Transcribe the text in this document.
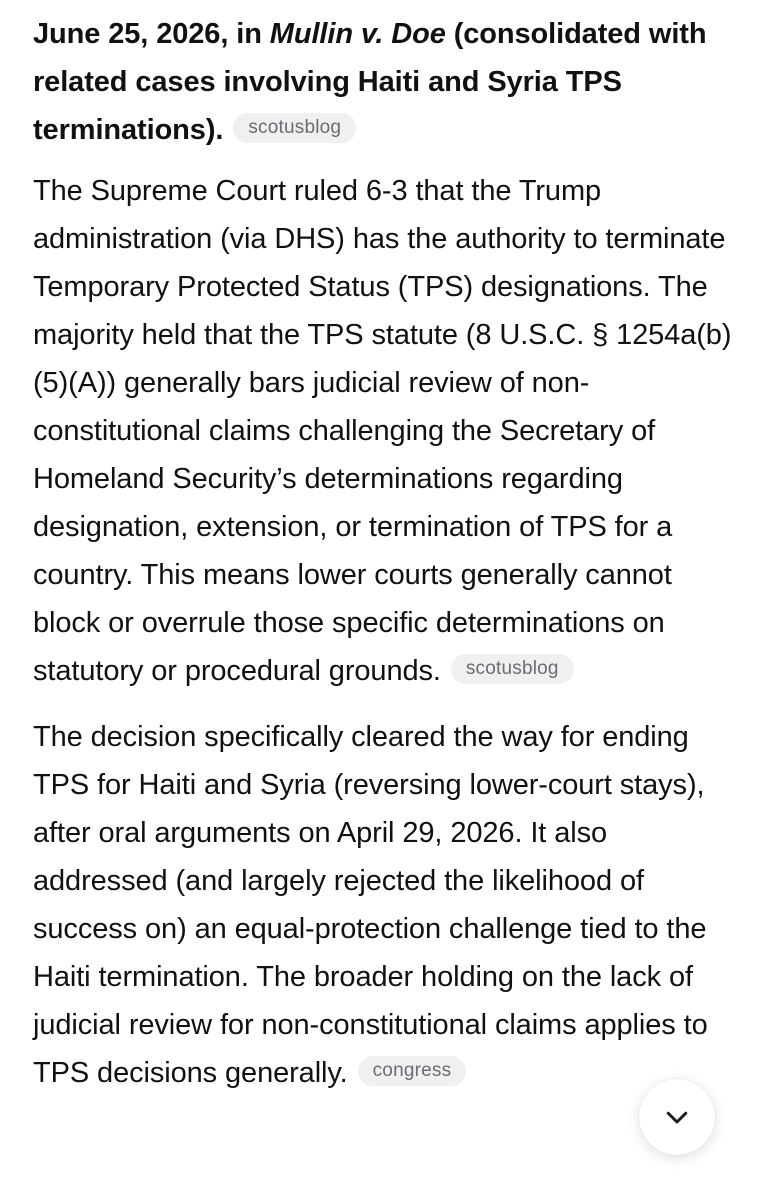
June 25, 2026, in Mullin v. Doe (consolidated with related cases involving Haiti and Syria TPS terminations). scotusblog
The Supreme Court ruled 6-3 that the Trump administration (via DHS) has the authority to terminate Temporary Protected Status (TPS) designations. The majority held that the TPS statute (8 U.S.C. § 1254a(b)(5)(A)) generally bars judicial review of non-constitutional claims challenging the Secretary of Homeland Security’s determinations regarding designation, extension, or termination of TPS for a country. This means lower courts generally cannot block or overrule those specific determinations on statutory or procedural grounds. scotusblog
The decision specifically cleared the way for ending TPS for Haiti and Syria (reversing lower-court stays), after oral arguments on April 29, 2026. It also addressed (and largely rejected the likelihood of success on) an equal-protection challenge tied to the Haiti termination. The broader holding on the lack of judicial review for non-constitutional claims applies to TPS decisions generally. congress
